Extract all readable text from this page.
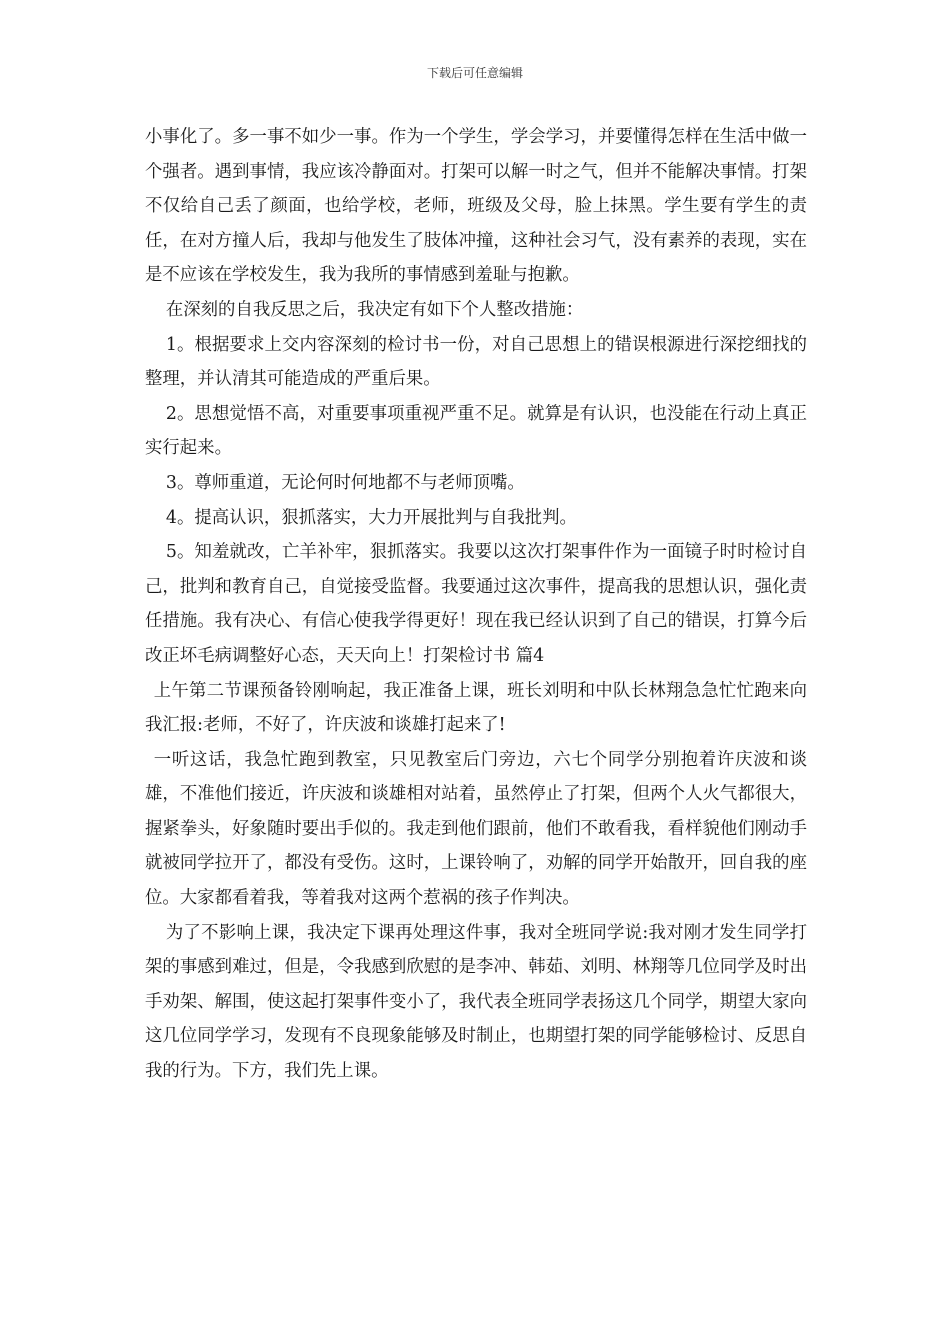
下载后可任意编辑

小事化了。多一事不如少一事。作为一个学生，学会学习，并要懂得怎样在生活中做一个强者。遇到事情，我应该冷静面对。打架可以解一时之气，但并不能解决事情。打架不仅给自己丢了颜面，也给学校，老师，班级及父母，脸上抹黑。学生要有学生的责任，在对方撞人后，我却与他发生了肢体冲撞，这种社会习气，没有素养的表现，实在是不应该在学校发生，我为我所的事情感到羞耻与抱歉。

在深刻的自我反思之后，我决定有如下个人整改措施：

1。根据要求上交内容深刻的检讨书一份，对自己思想上的错误根源进行深挖细找的整理，并认清其可能造成的严重后果。

2。思想觉悟不高，对重要事项重视严重不足。就算是有认识，也没能在行动上真正实行起来。

3。尊师重道，无论何时何地都不与老师顶嘴。

4。提高认识，狠抓落实，大力开展批判与自我批判。

5。知羞就改，亡羊补牢，狠抓落实。我要以这次打架事件作为一面镜子时时检讨自己，批判和教育自己，自觉接受监督。我要通过这次事件，提高我的思想认识，强化责任措施。我有决心、有信心使我学得更好！现在我已经认识到了自己的错误，打算今后改正坏毛病调整好心态，天天向上！打架检讨书 篇4

上午第二节课预备铃刚响起，我正准备上课，班长刘明和中队长林翔急急忙忙跑来向我汇报:老师，不好了，许庆波和谈雄打起来了!

一听这话，我急忙跑到教室，只见教室后门旁边，六七个同学分别抱着许庆波和谈雄，不准他们接近，许庆波和谈雄相对站着，虽然停止了打架，但两个人火气都很大，握紧拳头，好象随时要出手似的。我走到他们跟前，他们不敢看我，看样貌他们刚动手就被同学拉开了，都没有受伤。这时，上课铃响了，劝解的同学开始散开，回自我的座位。大家都看着我，等着我对这两个惹祸的孩子作判决。

为了不影响上课，我决定下课再处理这件事，我对全班同学说:我对刚才发生同学打架的事感到难过，但是，令我感到欣慰的是李冲、韩茹、刘明、林翔等几位同学及时出手劝架、解围，使这起打架事件变小了，我代表全班同学表扬这几个同学，期望大家向这几位同学学习，发现有不良现象能够及时制止，也期望打架的同学能够检讨、反思自我的行为。下方，我们先上课。
